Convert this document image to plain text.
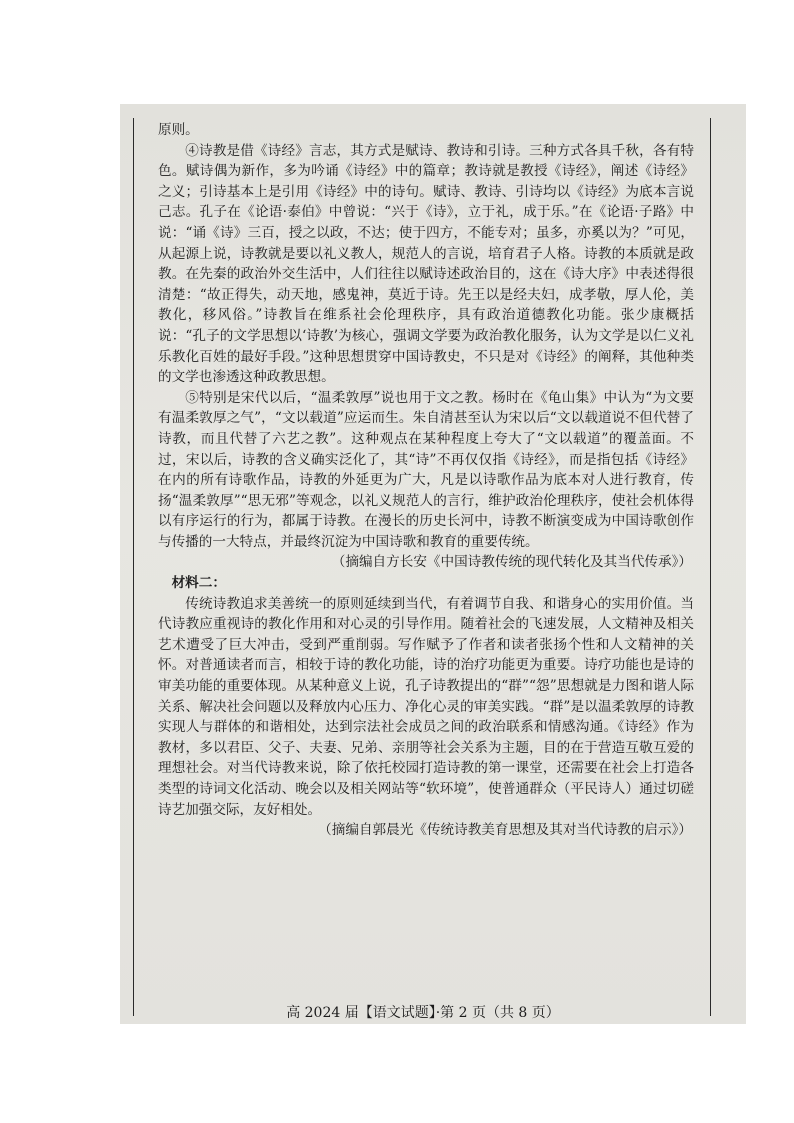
原则。

④诗教是借《诗经》言志，其方式是赋诗、教诗和引诗。三种方式各具千秋，各有特色。赋诗偶为新作，多为吟诵《诗经》中的篇章；教诗就是教授《诗经》，阐述《诗经》之义；引诗基本上是引用《诗经》中的诗句。赋诗、教诗、引诗均以《诗经》为底本言说己志。孔子在《论语·泰伯》中曾说：“兴于《诗》，立于礼，成于乐。”在《论语·子路》中说：“诵《诗》三百，授之以政，不达；使于四方，不能专对；虽多，亦奚以为？”可见，从起源上说，诗教就是要以礼义教人，规范人的言说，培育君子人格。诗教的本质就是政教。在先秦的政治外交生活中，人们往往以赋诗述政治目的，这在《诗大序》中表述得很清楚：“故正得失，动天地，感鬼神，莫近于诗。先王以是经夫妇，成孝敬，厚人伦，美教化，移风俗。”诗教旨在维系社会伦理秩序，具有政治道德教化功能。张少康概括说：“孔子的文学思想以‘诗教’为核心，强调文学要为政治教化服务，认为文学是以仁义礼乐教化百姓的最好手段。”这种思想贯穿中国诗教史，不只是对《诗经》的阐释，其他种类的文学也渗透这种政教思想。

⑤特别是宋代以后，“温柔敦厚”说也用于文之教。杨时在《龟山集》中认为“为文要有温柔敦厚之气”，“文以载道”应运而生。朱自清甚至认为宋以后“文以载道说不但代替了诗教，而且代替了六艺之教”。这种观点在某种程度上夸大了“文以载道”的覆盖面。不过，宋以后，诗教的含义确实泛化了，其“诗”不再仅仅指《诗经》，而是指包括《诗经》在内的所有诗歌作品，诗教的外延更为广大，凡是以诗歌作品为底本对人进行教育，传扬“温柔敦厚”“思无邪”等观念，以礼义规范人的言行，维护政治伦理秩序，使社会机体得以有序运行的行为，都属于诗教。在漫长的历史长河中，诗教不断演变成为中国诗歌创作与传播的一大特点，并最终沉淀为中国诗歌和教育的重要传统。

（摘编自方长安《中国诗教传统的现代转化及其当代传承》）

材料二：

传统诗教追求美善统一的原则延续到当代，有着调节自我、和谐身心的实用价值。当代诗教应重视诗的教化作用和对心灵的引导作用。随着社会的飞速发展，人文精神及相关艺术遭受了巨大冲击，受到严重削弱。写作赋予了作者和读者张扬个性和人文精神的关怀。对普通读者而言，相较于诗的教化功能，诗的治疗功能更为重要。诗疗功能也是诗的审美功能的重要体现。从某种意义上说，孔子诗教提出的“群”“怨”思想就是力图和谐人际关系、解决社会问题以及释放内心压力、净化心灵的审美实践。“群”是以温柔敦厚的诗教实现人与群体的和谐相处，达到宗法社会成员之间的政治联系和情感沟通。《诗经》作为教材，多以君臣、父子、夫妻、兄弟、亲朋等社会关系为主题，目的在于营造互敬互爱的理想社会。对当代诗教来说，除了依托校园打造诗教的第一课堂，还需要在社会上打造各类型的诗词文化活动、晚会以及相关网站等“软环境”，使普通群众（平民诗人）通过切磋诗艺加强交际，友好相处。

（摘编自郭晨光《传统诗教美育思想及其对当代诗教的启示》）

高 2024 届【语文试题】·第 2 页（共 8 页）
